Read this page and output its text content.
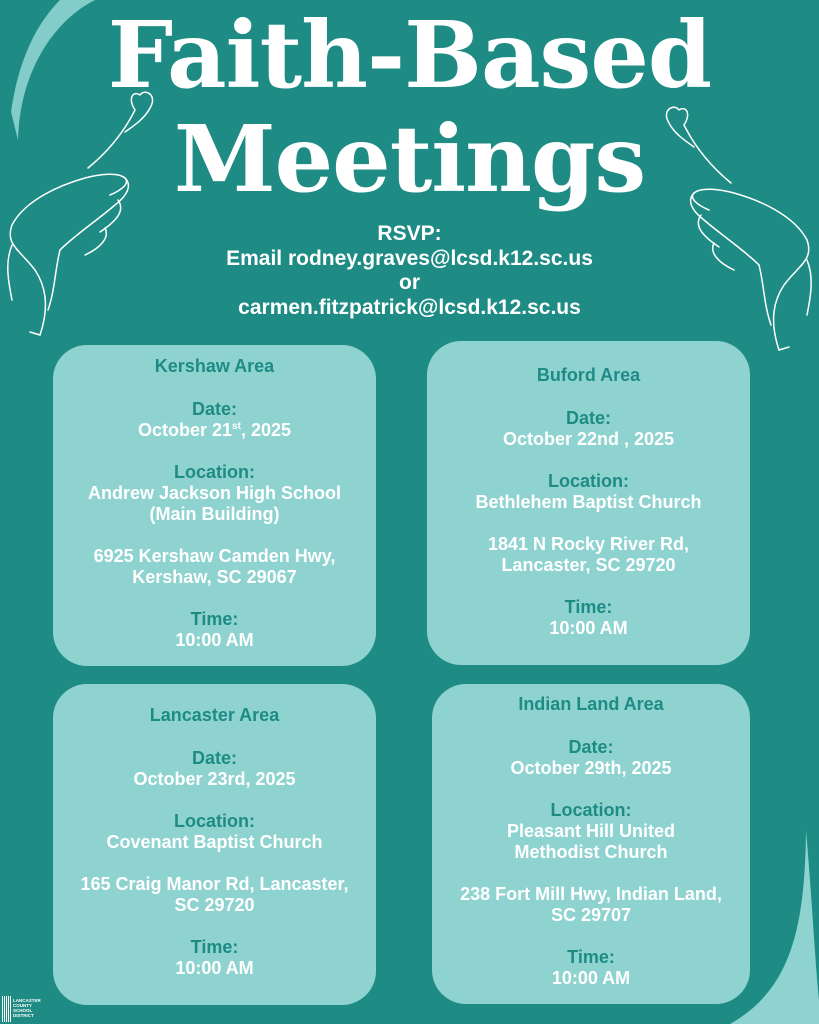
Faith-Based
Meetings
RSVP:
Email rodney.graves@lcsd.k12.sc.us
or
carmen.fitzpatrick@lcsd.k12.sc.us
Kershaw Area
Date:
October 21st, 2025
Location:
Andrew Jackson High School
(Main Building)
6925 Kershaw Camden Hwy,
Kershaw, SC 29067
Time:
10:00 AM
Buford Area
Date:
October 22nd , 2025
Location:
Bethlehem Baptist Church
1841 N Rocky River Rd,
Lancaster, SC 29720
Time:
10:00 AM
Lancaster Area
Date:
October 23rd, 2025
Location:
Covenant Baptist Church
165 Craig Manor Rd, Lancaster,
SC 29720
Time:
10:00 AM
Indian Land Area
Date:
October 29th, 2025
Location:
Pleasant Hill United
Methodist Church
238 Fort Mill Hwy, Indian Land,
SC 29707
Time:
10:00 AM
LANCASTER
COUNTY
SCHOOL
DISTRICT
